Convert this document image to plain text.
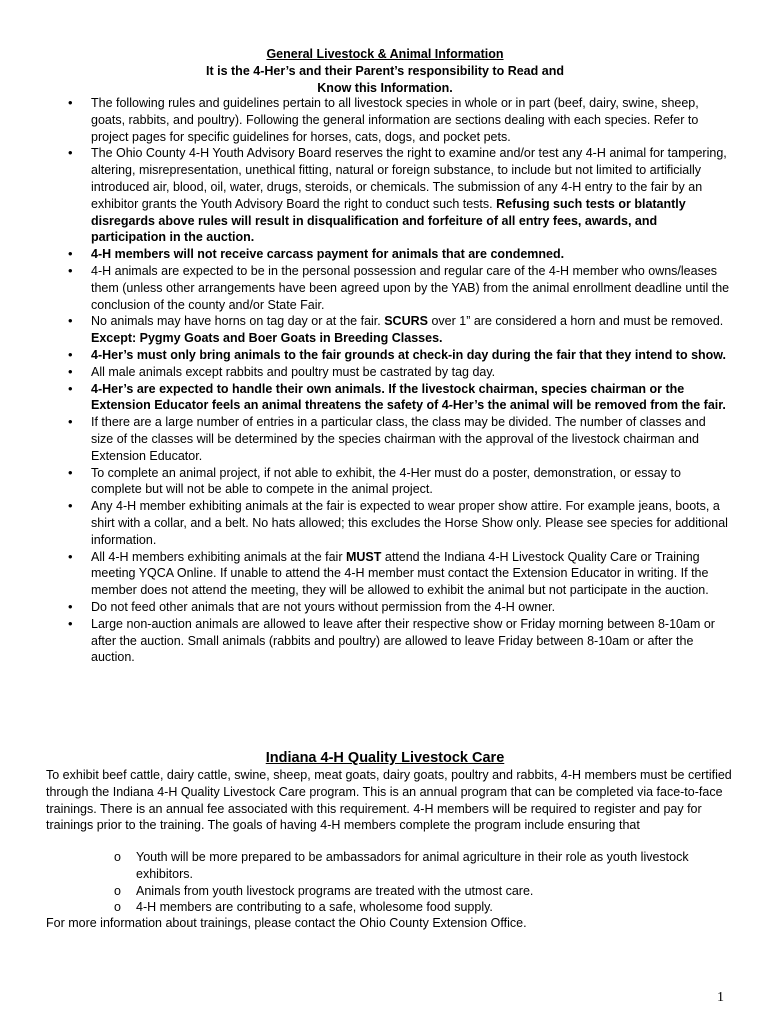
General Livestock & Animal Information
It is the 4-Her’s and their Parent’s responsibility to Read and
Know this Information.
• The following rules and guidelines pertain to all livestock species in whole or in part (beef, dairy, swine, sheep, goats, rabbits, and poultry). Following the general information are sections dealing with each species. Refer to project pages for specific guidelines for horses, cats, dogs, and pocket pets.
• The Ohio County 4-H Youth Advisory Board reserves the right to examine and/or test any 4-H animal for tampering, altering, misrepresentation, unethical fitting, natural or foreign substance, to include but not limited to artificially introduced air, blood, oil, water, drugs, steroids, or chemicals. The submission of any 4-H entry to the fair by an exhibitor grants the Youth Advisory Board the right to conduct such tests. Refusing such tests or blatantly disregards above rules will result in disqualification and forfeiture of all entry fees, awards, and participation in the auction.
• 4-H members will not receive carcass payment for animals that are condemned.
• 4-H animals are expected to be in the personal possession and regular care of the 4-H member who owns/leases them (unless other arrangements have been agreed upon by the YAB) from the animal enrollment deadline until the conclusion of the county and/or State Fair.
• No animals may have horns on tag day or at the fair. SCURS over 1” are considered a horn and must be removed. Except: Pygmy Goats and Boer Goats in Breeding Classes.
• 4-Her’s must only bring animals to the fair grounds at check-in day during the fair that they intend to show.
• All male animals except rabbits and poultry must be castrated by tag day.
• 4-Her’s are expected to handle their own animals. If the livestock chairman, species chairman or the Extension Educator feels an animal threatens the safety of 4-Her’s the animal will be removed from the fair.
• If there are a large number of entries in a particular class, the class may be divided. The number of classes and size of the classes will be determined by the species chairman with the approval of the livestock chairman and Extension Educator.
• To complete an animal project, if not able to exhibit, the 4-Her must do a poster, demonstration, or essay to complete but will not be able to compete in the animal project.
• Any 4-H member exhibiting animals at the fair is expected to wear proper show attire. For example jeans, boots, a shirt with a collar, and a belt. No hats allowed; this excludes the Horse Show only. Please see species for additional information.
• All 4-H members exhibiting animals at the fair MUST attend the Indiana 4-H Livestock Quality Care or Training meeting YQCA Online. If unable to attend the 4-H member must contact the Extension Educator in writing. If the member does not attend the meeting, they will be allowed to exhibit the animal but not participate in the auction.
• Do not feed other animals that are not yours without permission from the 4-H owner.
• Large non-auction animals are allowed to leave after their respective show or Friday morning between 8-10am or after the auction. Small animals (rabbits and poultry) are allowed to leave Friday between 8-10am or after the auction.
Indiana 4-H Quality Livestock Care

To exhibit beef cattle, dairy cattle, swine, sheep, meat goats, dairy goats, poultry and rabbits, 4-H members must be certified through the Indiana 4-H Quality Livestock Care program. This is an annual program that can be completed via face-to-face trainings. There is an annual fee associated with this requirement. 4-H members will be required to register and pay for trainings prior to the training. The goals of having 4-H members complete the program include ensuring that

o Youth will be more prepared to be ambassadors for animal agriculture in their role as youth livestock exhibitors.
o Animals from youth livestock programs are treated with the utmost care.
o 4-H members are contributing to a safe, wholesome food supply.

For more information about trainings, please contact the Ohio County Extension Office.

1
